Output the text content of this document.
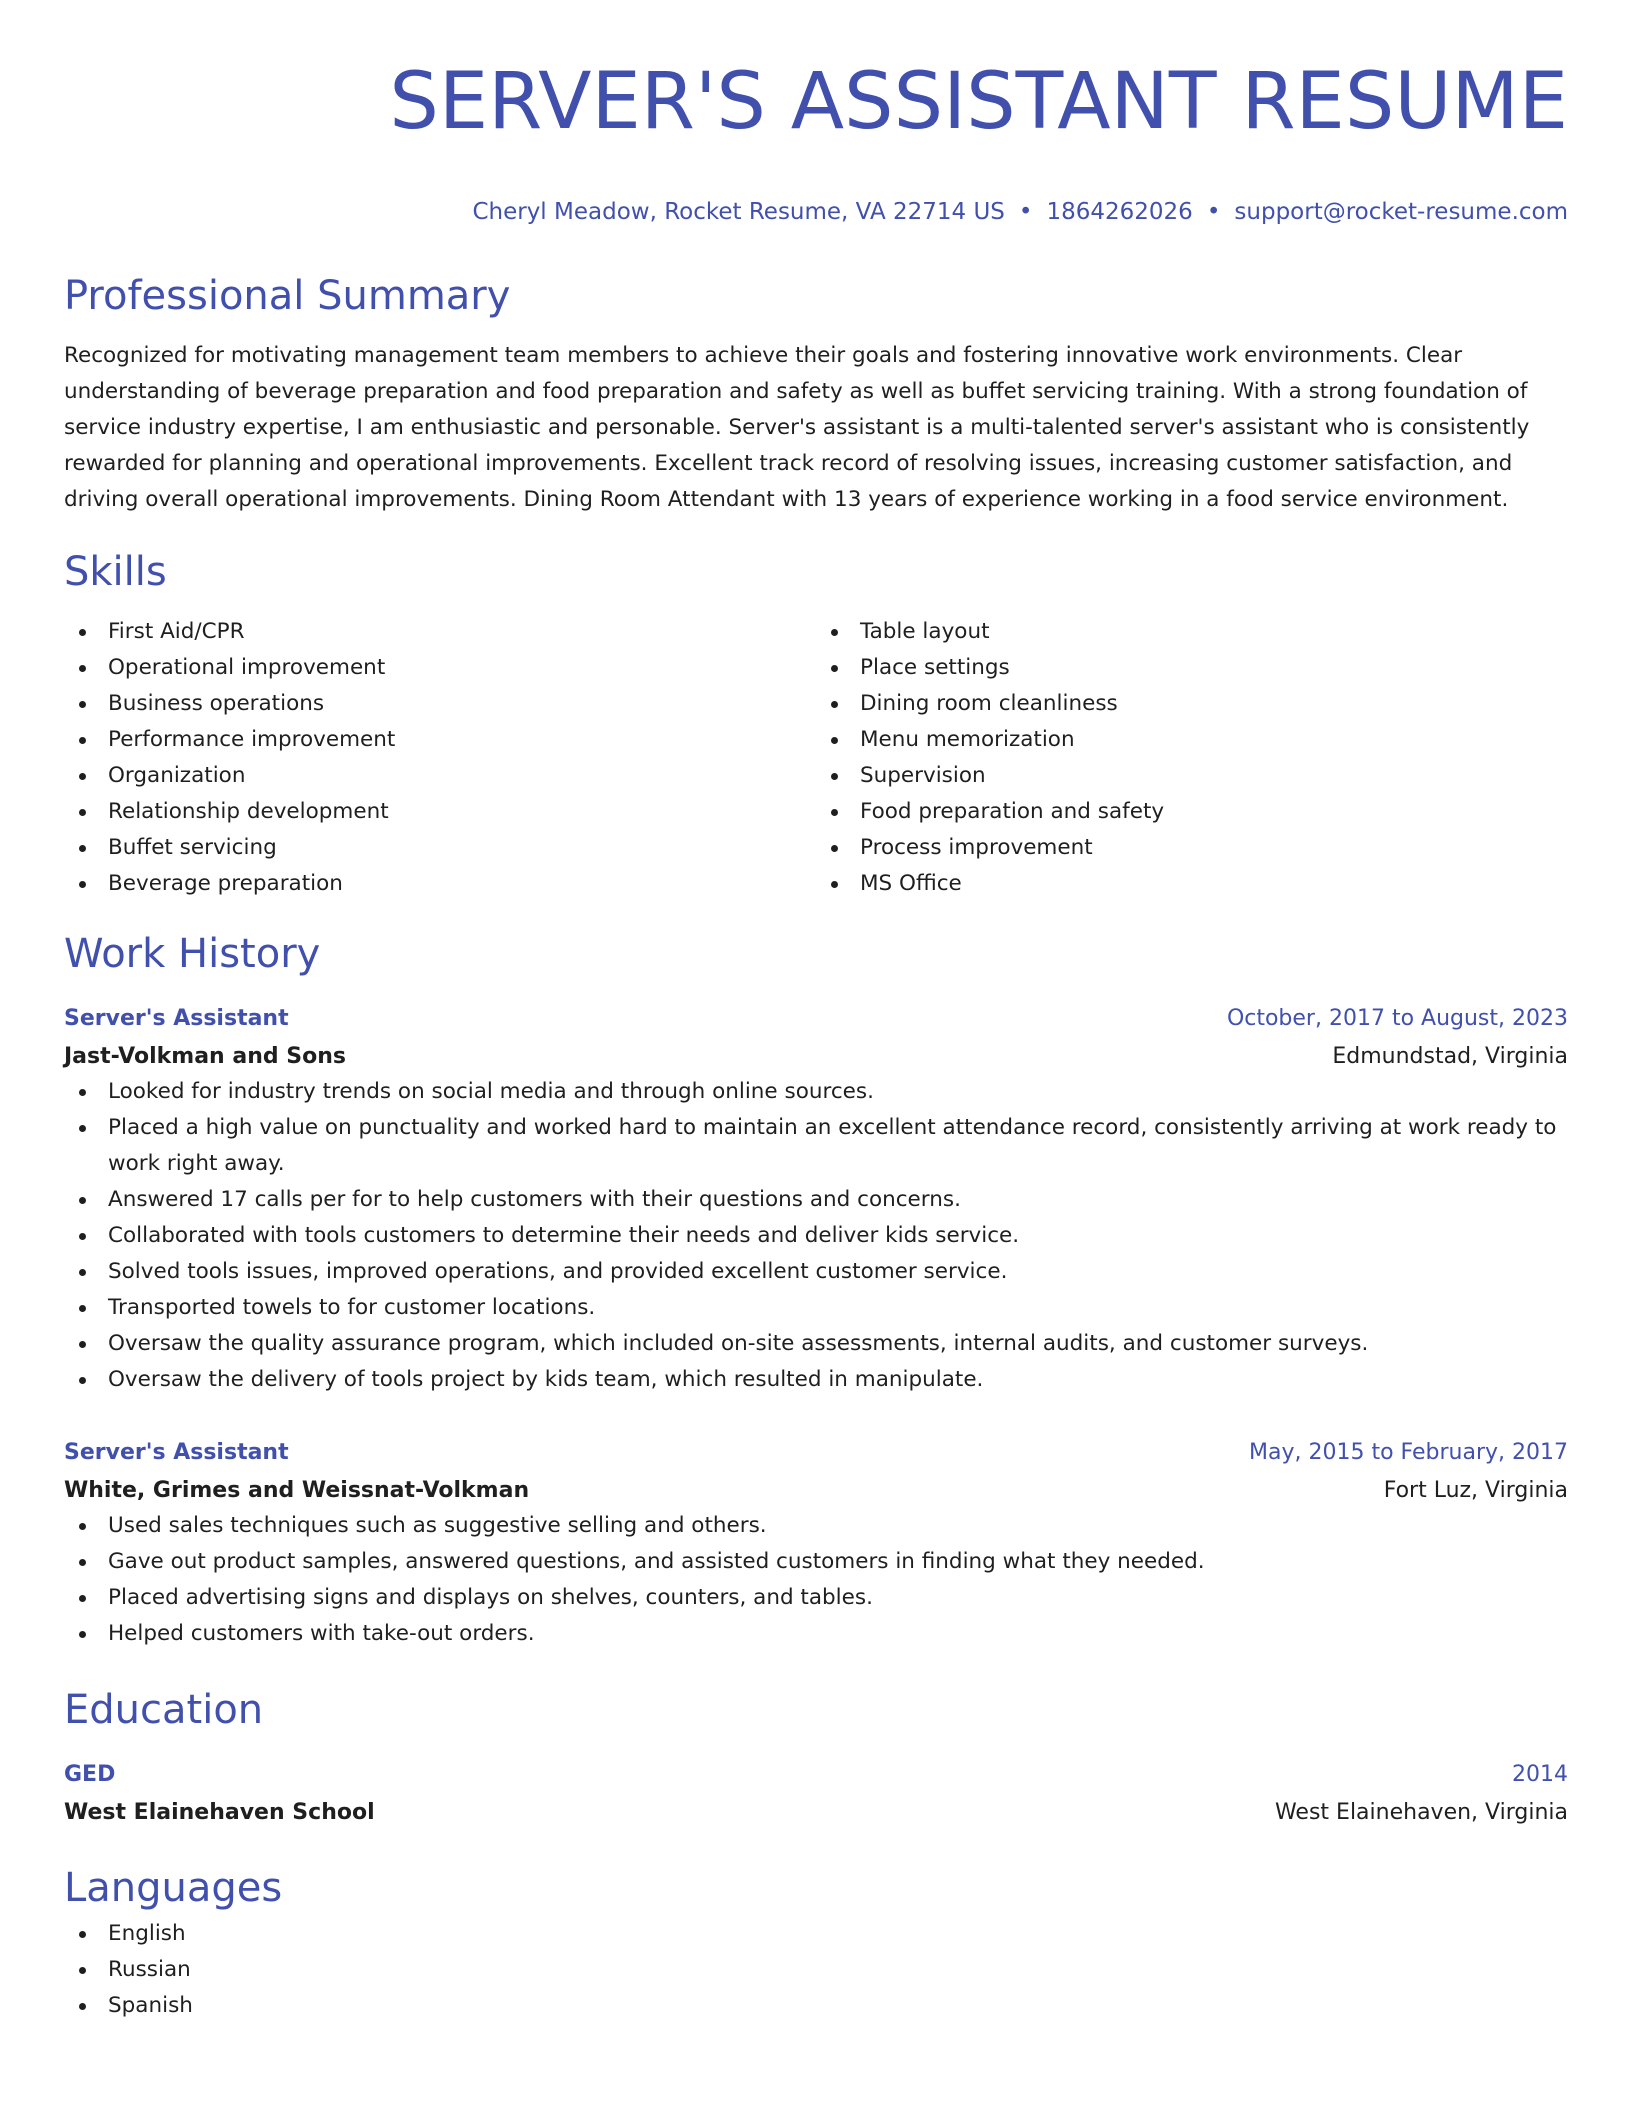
SERVER'S ASSISTANT RESUME
Cheryl Meadow, Rocket Resume, VA 22714 US • 1864262026 • support@rocket-resume.com
Professional Summary

Recognized for motivating management team members to achieve their goals and fostering innovative work environments. Clear understanding of beverage preparation and food preparation and safety as well as buffet servicing training. With a strong foundation of service industry expertise, I am enthusiastic and personable. Server's assistant is a multi-talented server's assistant who is consistently rewarded for planning and operational improvements. Excellent track record of resolving issues, increasing customer satisfaction, and driving overall operational improvements. Dining Room Attendant with 13 years of experience working in a food service environment.

Skills
First Aid/CPR
Operational improvement
Business operations
Performance improvement
Organization
Relationship development
Buffet servicing
Beverage preparation
Table layout
Place settings
Dining room cleanliness
Menu memorization
Supervision
Food preparation and safety
Process improvement
MS Office
Work History
Server's Assistant	October, 2017 to August, 2023
Jast-Volkman and Sons	Edmundstad, Virginia
Looked for industry trends on social media and through online sources.
Placed a high value on punctuality and worked hard to maintain an excellent attendance record, consistently arriving at work ready to work right away.
Answered 17 calls per for to help customers with their questions and concerns.
Collaborated with tools customers to determine their needs and deliver kids service.
Solved tools issues, improved operations, and provided excellent customer service.
Transported towels to for customer locations.
Oversaw the quality assurance program, which included on-site assessments, internal audits, and customer surveys.
Oversaw the delivery of tools project by kids team, which resulted in manipulate.
Server's Assistant	May, 2015 to February, 2017
White, Grimes and Weissnat-Volkman	Fort Luz, Virginia
Used sales techniques such as suggestive selling and others.
Gave out product samples, answered questions, and assisted customers in finding what they needed.
Placed advertising signs and displays on shelves, counters, and tables.
Helped customers with take-out orders.
Education
GED	2014
West Elainehaven School	West Elainehaven, Virginia
Languages
English
Russian
Spanish
